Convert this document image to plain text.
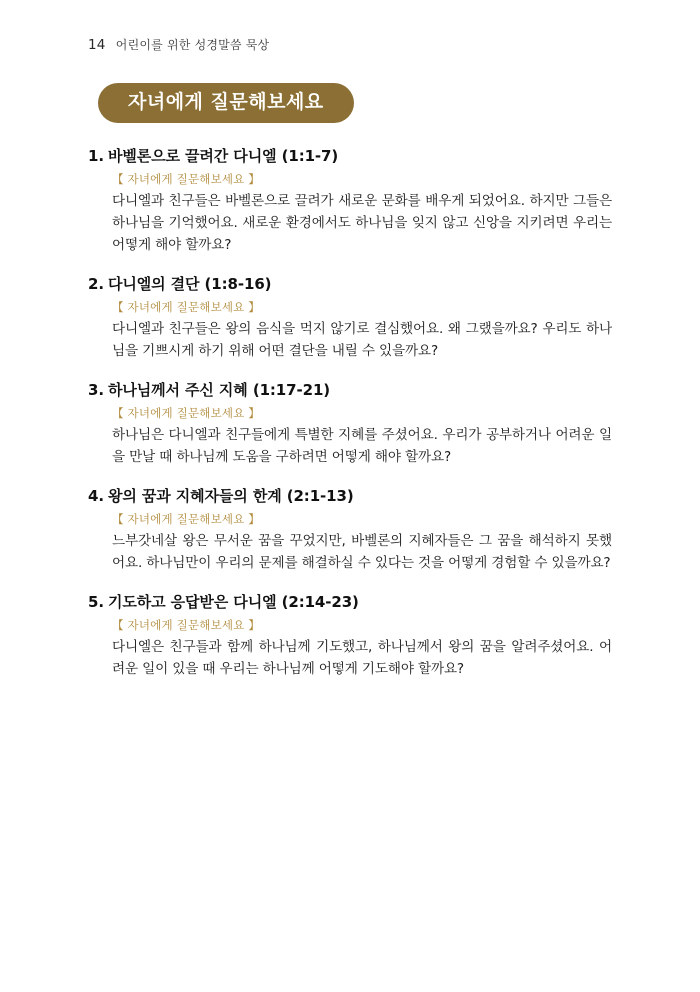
14 어린이를 위한 성경말씀 묵상
자녀에게 질문해보세요
1. 바벨론으로 끌려간 다니엘 (1:1-7)
【 자녀에게 질문해보세요 】
다니엘과 친구들은 바벨론으로 끌려가 새로운 문화를 배우게 되었어요. 하지만 그들은 하나님을 기억했어요. 새로운 환경에서도 하나님을 잊지 않고 신앙을 지키려면 우리는 어떻게 해야 할까요?
2. 다니엘의 결단 (1:8-16)
【 자녀에게 질문해보세요 】
다니엘과 친구들은 왕의 음식을 먹지 않기로 결심했어요. 왜 그랬을까요? 우리도 하나님을 기쁘시게 하기 위해 어떤 결단을 내릴 수 있을까요?
3. 하나님께서 주신 지혜 (1:17-21)
【 자녀에게 질문해보세요 】
하나님은 다니엘과 친구들에게 특별한 지혜를 주셨어요. 우리가 공부하거나 어려운 일을 만날 때 하나님께 도움을 구하려면 어떻게 해야 할까요?
4. 왕의 꿈과 지혜자들의 한계 (2:1-13)
【 자녀에게 질문해보세요 】
느부갓네살 왕은 무서운 꿈을 꾸었지만, 바벨론의 지혜자들은 그 꿈을 해석하지 못했어요. 하나님만이 우리의 문제를 해결하실 수 있다는 것을 어떻게 경험할 수 있을까요?
5. 기도하고 응답받은 다니엘 (2:14-23)
【 자녀에게 질문해보세요 】
다니엘은 친구들과 함께 하나님께 기도했고, 하나님께서 왕의 꿈을 알려주셨어요. 어려운 일이 있을 때 우리는 하나님께 어떻게 기도해야 할까요?
